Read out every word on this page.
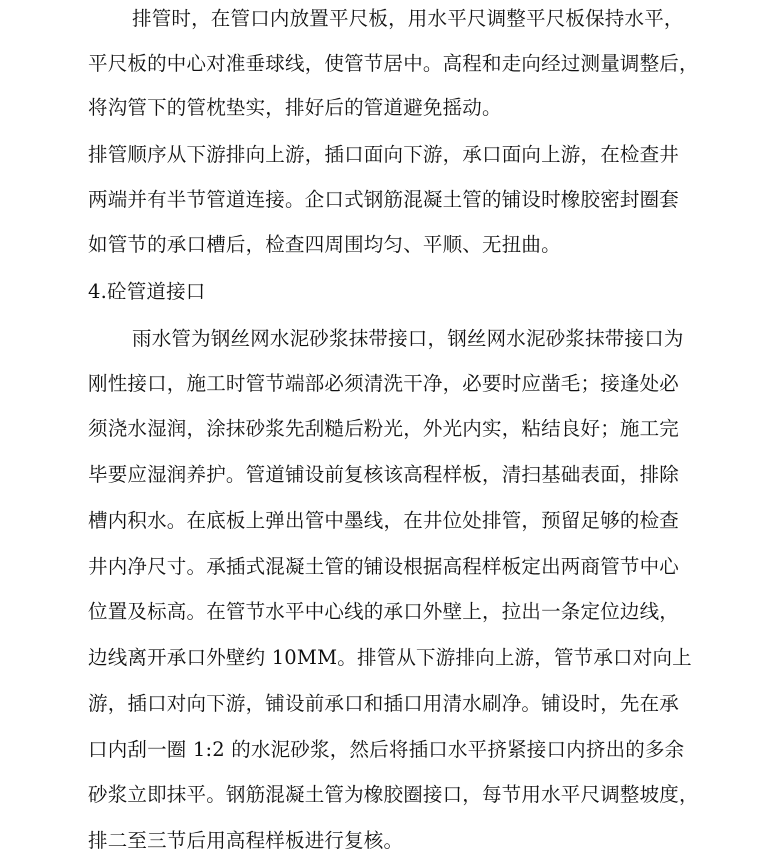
排管时，在管口内放置平尺板，用水平尺调整平尺板保持水平，
平尺板的中心对准垂球线，使管节居中。高程和走向经过测量调整后，
将沟管下的管枕垫实，排好后的管道避免摇动。
排管顺序从下游排向上游，插口面向下游，承口面向上游，在检查井
两端并有半节管道连接。企口式钢筋混凝土管的铺设时橡胶密封圈套
如管节的承口槽后，检查四周围均匀、平顺、无扭曲。
4.砼管道接口
雨水管为钢丝网水泥砂浆抹带接口，钢丝网水泥砂浆抹带接口为
刚性接口，施工时管节端部必须清洗干净，必要时应凿毛；接逢处必
须浇水湿润，涂抹砂浆先刮糙后粉光，外光内实，粘结良好；施工完
毕要应湿润养护。管道铺设前复核该高程样板，清扫基础表面，排除
槽内积水。在底板上弹出管中墨线，在井位处排管，预留足够的检查
井内净尺寸。承插式混凝土管的铺设根据高程样板定出两商管节中心
位置及标高。在管节水平中心线的承口外壁上，拉出一条定位边线，
边线离开承口外壁约 10MM。排管从下游排向上游，管节承口对向上
游，插口对向下游，铺设前承口和插口用清水刷净。铺设时，先在承
口内刮一圈 1:2 的水泥砂浆，然后将插口水平挤紧接口内挤出的多余
砂浆立即抹平。钢筋混凝土管为橡胶圈接口，每节用水平尺调整坡度，
排二至三节后用高程样板进行复核。
